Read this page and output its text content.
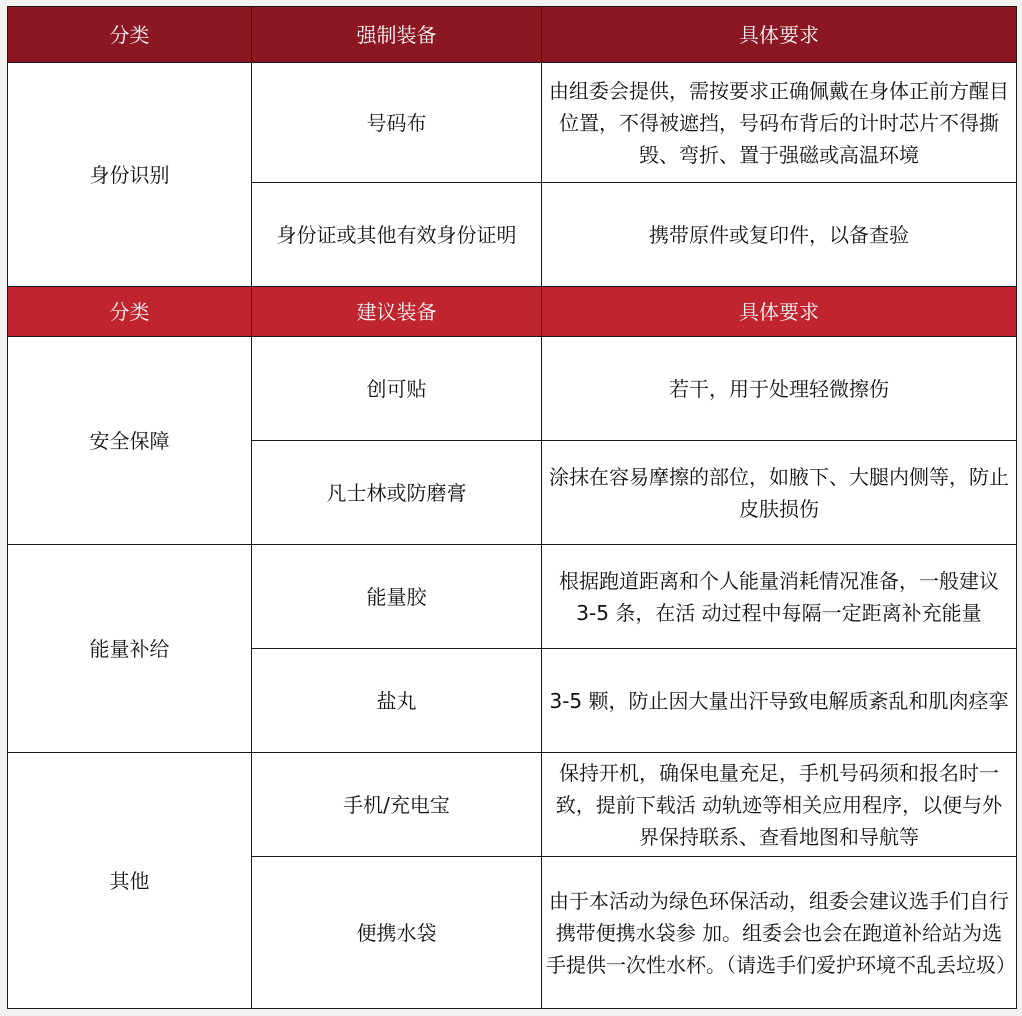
分类	强制装备	具体要求
身份识别	号码布	由组委会提供，需按要求正确佩戴在身体正前方醒目位置，不得被遮挡，号码布背后的计时芯片不得撕毁、弯折、置于强磁或高温环境
	身份证或其他有效身份证明	携带原件或复印件，以备查验
分类	建议装备	具体要求
安全保障	创可贴	若干，用于处理轻微擦伤
	凡士林或防磨膏	涂抹在容易摩擦的部位，如腋下、大腿内侧等，防止皮肤损伤
能量补给	能量胶	根据跑道距离和个人能量消耗情况准备，一般建议 3-5 条，在活 动过程中每隔一定距离补充能量
	盐丸	3-5 颗，防止因大量出汗导致电解质紊乱和肌肉痉挛
其他	手机/充电宝	保持开机，确保电量充足，手机号码须和报名时一致，提前下载活 动轨迹等相关应用程序，以便与外界保持联系、查看地图和导航等
	便携水袋	由于本活动为绿色环保活动，组委会建议选手们自行携带便携水袋参 加。组委会也会在跑道补给站为选手提供一次性水杯。（请选手们爱护环境不乱丢垃圾）
